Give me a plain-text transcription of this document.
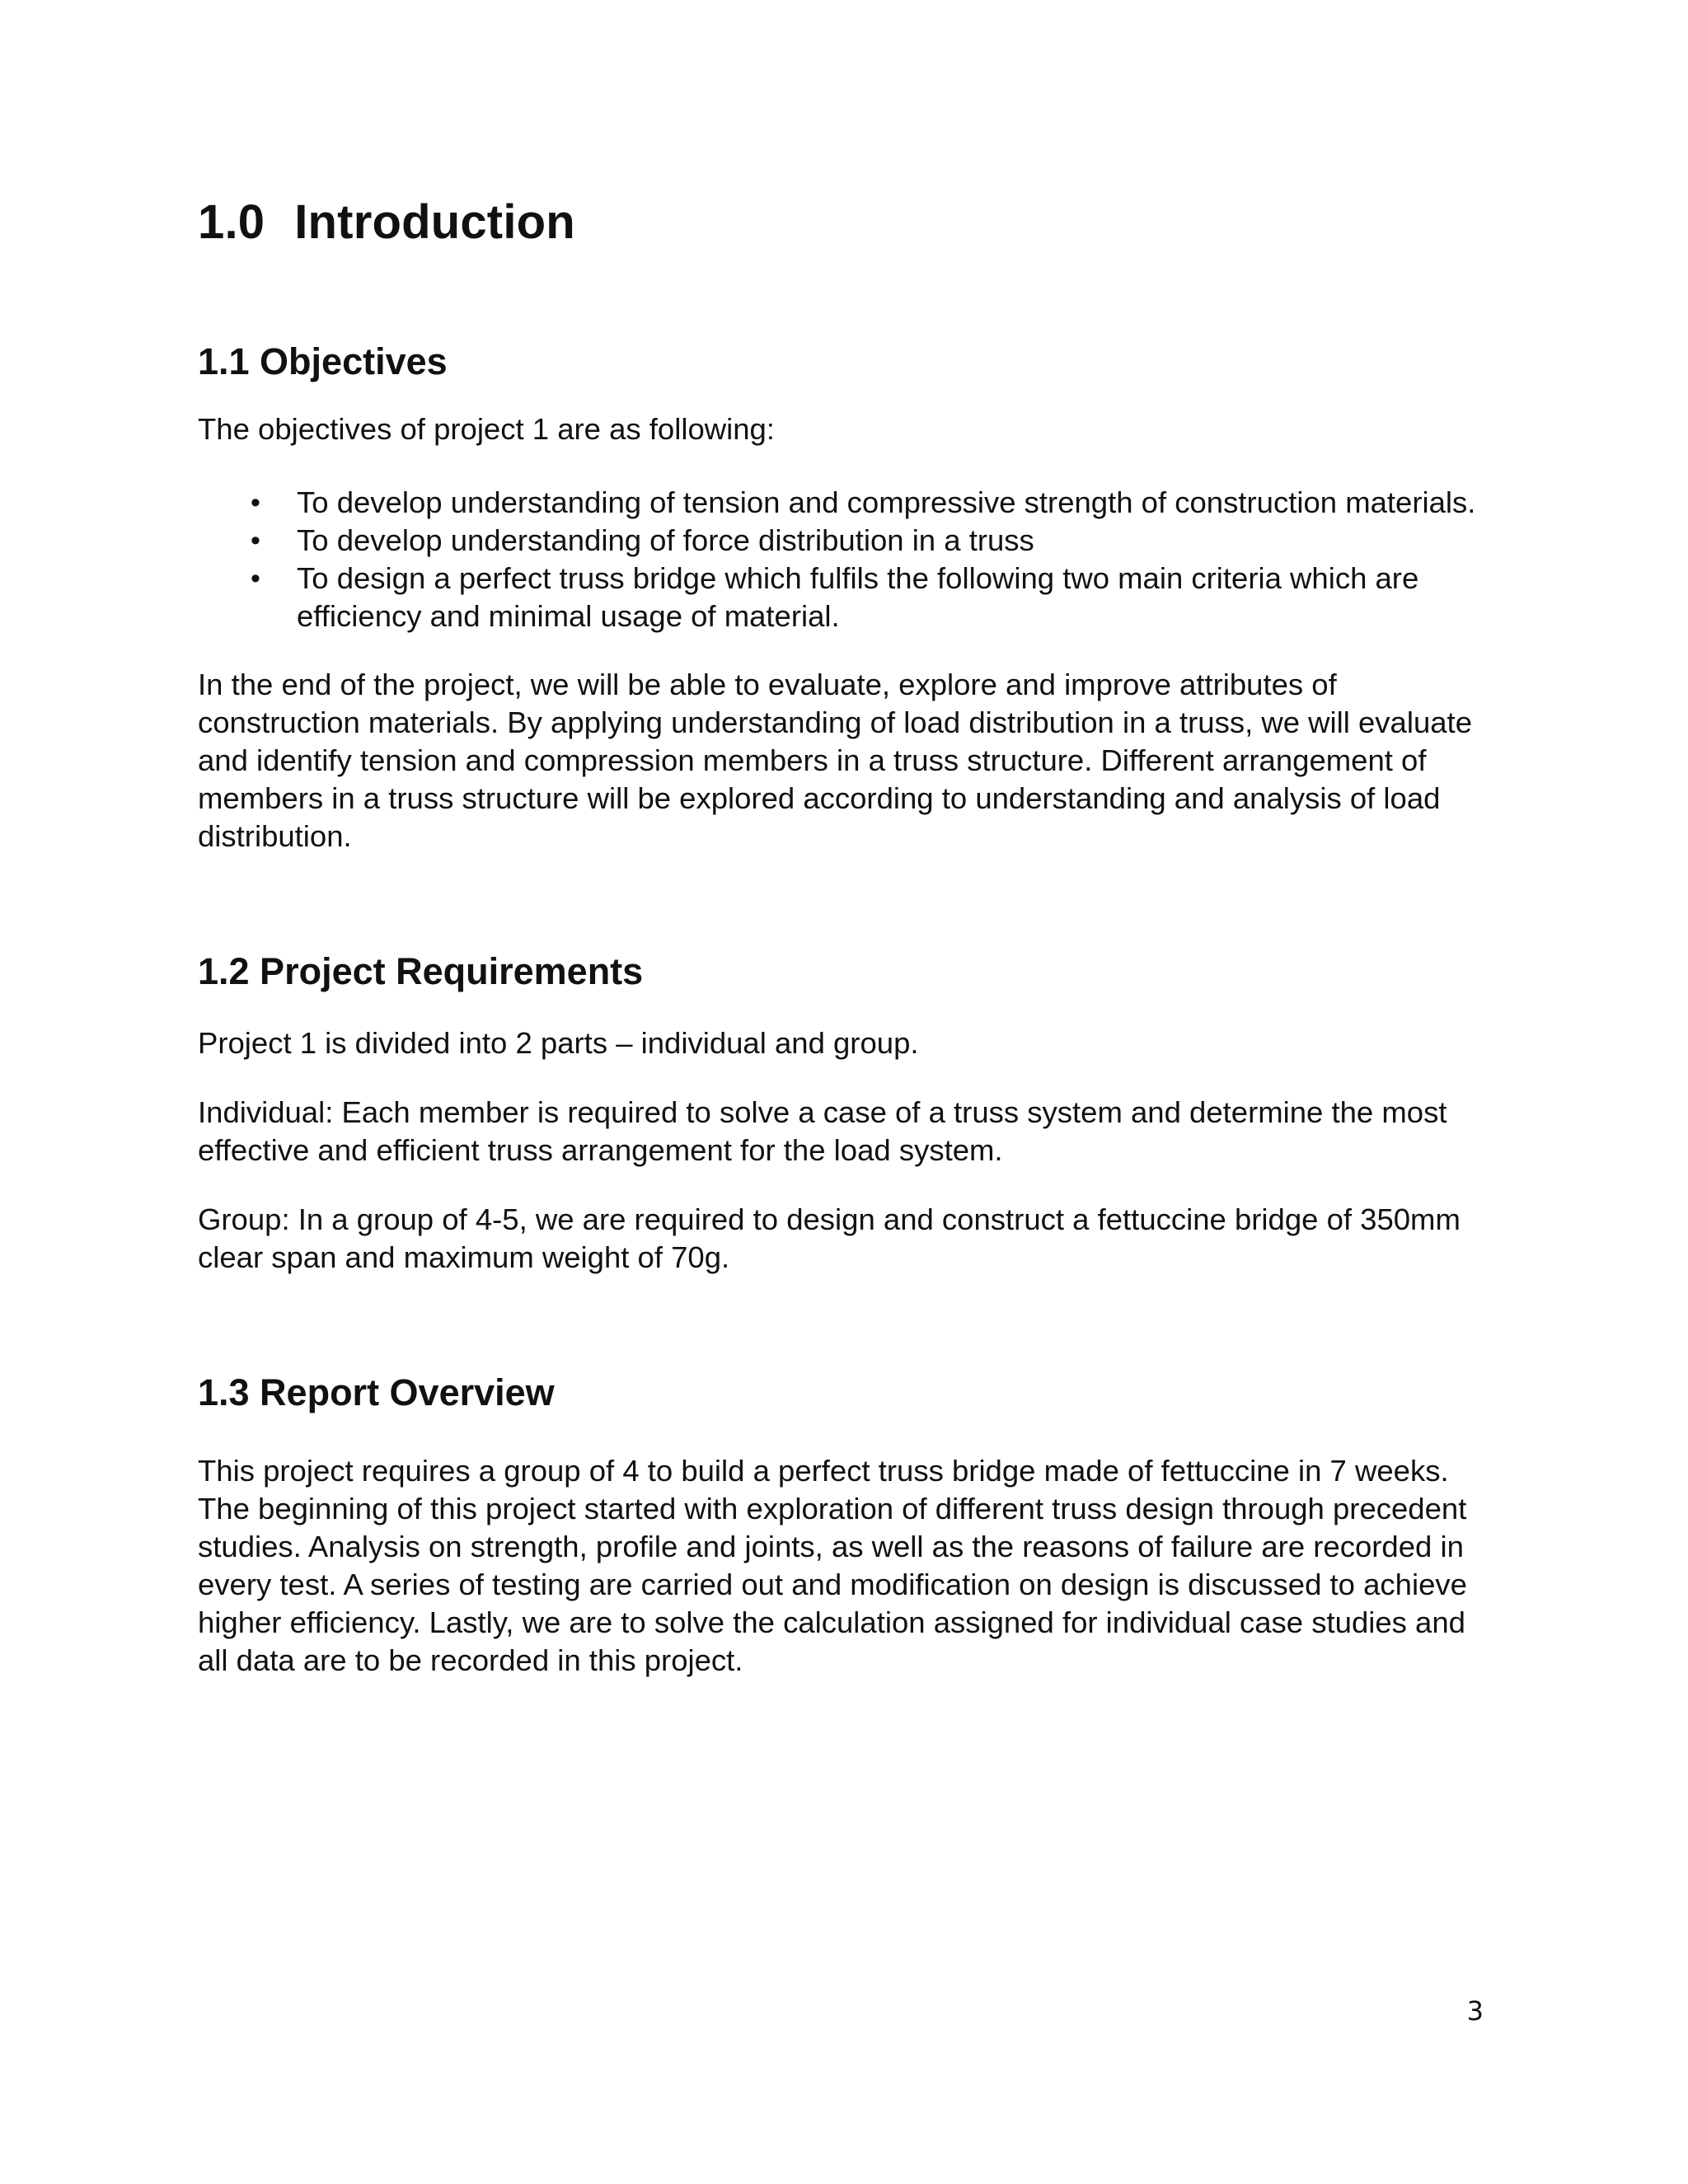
1.0 Introduction
1.1 Objectives

The objectives of project 1 are as following:

• To develop understanding of tension and compressive strength of construction materials.
• To develop understanding of force distribution in a truss
• To design a perfect truss bridge which fulfils the following two main criteria which are efficiency and minimal usage of material.

In the end of the project, we will be able to evaluate, explore and improve attributes of construction materials. By applying understanding of load distribution in a truss, we will evaluate and identify tension and compression members in a truss structure. Different arrangement of members in a truss structure will be explored according to understanding and analysis of load distribution.

1.2 Project Requirements

Project 1 is divided into 2 parts – individual and group.

Individual: Each member is required to solve a case of a truss system and determine the most effective and efficient truss arrangement for the load system.

Group: In a group of 4-5, we are required to design and construct a fettuccine bridge of 350mm clear span and maximum weight of 70g.

1.3 Report Overview

This project requires a group of 4 to build a perfect truss bridge made of fettuccine in 7 weeks. The beginning of this project started with exploration of different truss design through precedent studies. Analysis on strength, profile and joints, as well as the reasons of failure are recorded in every test. A series of testing are carried out and modification on design is discussed to achieve higher efficiency. Lastly, we are to solve the calculation assigned for individual case studies and all data are to be recorded in this project.

3
